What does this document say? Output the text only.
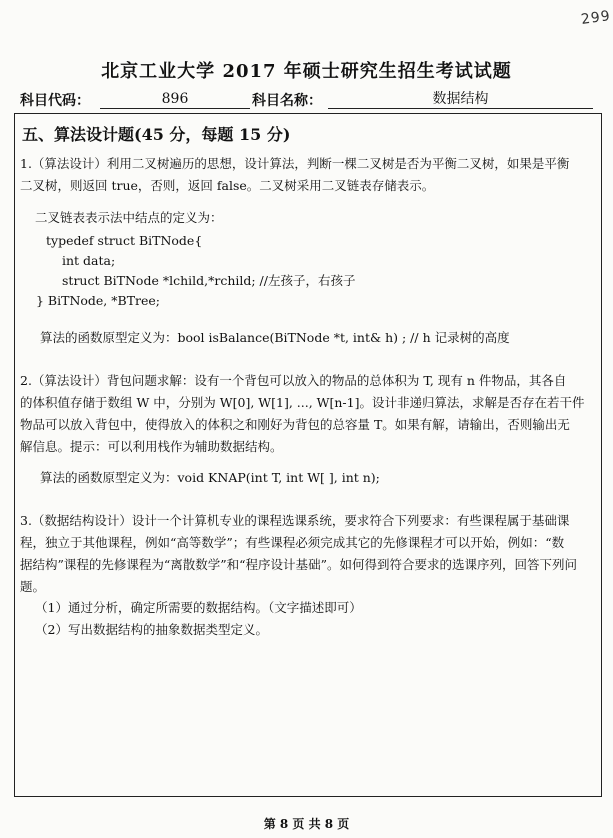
299
北京工业大学 2017 年硕士研究生招生考试试题
科目代码：	896	科目名称：	数据结构
五、算法设计题(45 分，每题 15 分)
1.（算法设计）利用二叉树遍历的思想，设计算法，判断一棵二叉树是否为平衡二叉树，如果是平衡
二叉树，则返回 true，否则，返回 false。二叉树采用二叉链表存储表示。
二叉链表表示法中结点的定义为：
typedef struct BiTNode{
int data;
struct BiTNode *lchild,*rchild; //左孩子，右孩子
} BiTNode, *BTree;
算法的函数原型定义为：bool isBalance(BiTNode *t, int& h) ; // h 记录树的高度
2.（算法设计）背包问题求解：设有一个背包可以放入的物品的总体积为 T, 现有 n 件物品，其各自
的体积值存储于数组 W 中，分别为 W[0], W[1], ..., W[n-1]。设计非递归算法，求解是否存在若干件
物品可以放入背包中，使得放入的体积之和刚好为背包的总容量 T。如果有解，请输出，否则输出无
解信息。提示：可以利用栈作为辅助数据结构。
算法的函数原型定义为：void KNAP(int T, int W[ ], int n);
3.（数据结构设计）设计一个计算机专业的课程选课系统，要求符合下列要求：有些课程属于基础课
程，独立于其他课程，例如“高等数学”；有些课程必须完成其它的先修课程才可以开始，例如：“数
据结构”课程的先修课程为“离散数学”和“程序设计基础”。如何得到符合要求的选课序列，回答下列问
题。
（1）通过分析，确定所需要的数据结构。（文字描述即可）
（2）写出数据结构的抽象数据类型定义。
第 8 页 共 8 页
